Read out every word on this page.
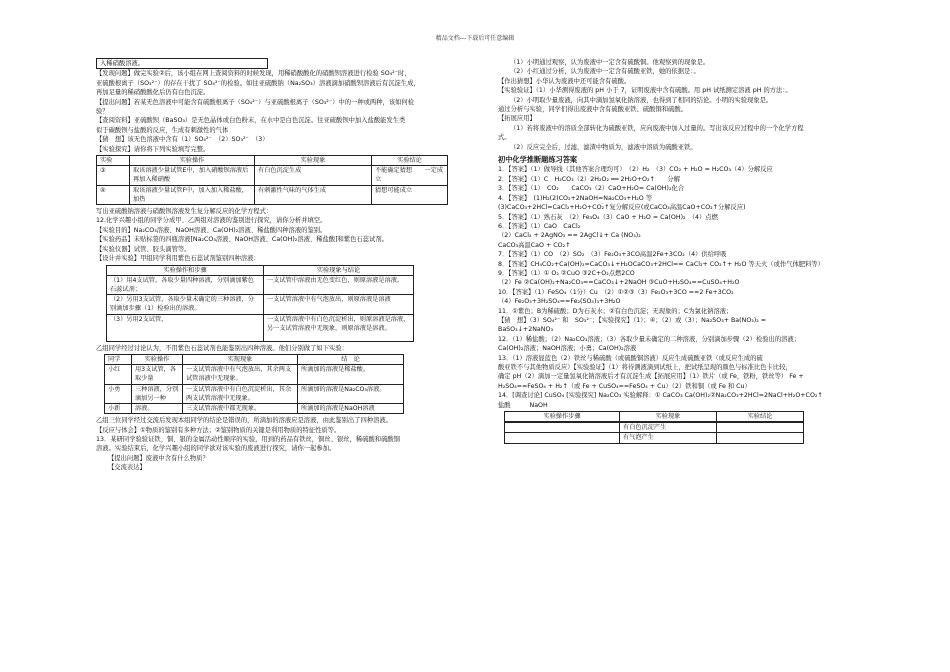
精品文档---下载后可任意编辑
入稀硝酸溶液。
【发现问题】做完实验②后，该小组在网上查阅资料的时候发现，用稀硝酸酸化的硝酸钡溶液进行检验 SO₄²⁻时，
亚硫酸根离子（SO₃²⁻）的存在干扰了 SO₄²⁻的检验。如往亚硫酸钠（Na₂SO₃）溶液滴加硝酸钡溶液后有沉淀生成，
再加足量的稀硝酸酸化后仍有白色沉淀。
【提出问题】若某无色溶液中可能含有硫酸根离子（SO₄²⁻）与亚硫酸根离子（SO₃²⁻）中的一种或两种，该如何检
验？
【查阅资料】亚硫酸钡（BaSO₃）是无色晶体或白色粉末，在水中是白色沉淀。往亚硫酸钡中加入盐酸能发生类
似于碳酸钡与盐酸的反应，生成有刺激性的气体
【猜　想】该无色溶液中含有（1）SO₄²⁻　（2）SO₃²⁻　（3）
【实验探究】请你将下列实验填写完整。
实验	实验操作	实验现象	实验结论
③	取该溶液少量试管E中，加入硝酸钡溶液后再加入稀硝酸	有白色沉淀生成	不能确定猜想　　一定成立
④	取该溶液少量试管F中，加入加入稀盐酸，加热	有刺激性气味的气体生成	猜想可能成立
写出亚硫酸钠溶液与硝酸钡溶液发生复分解反应的化学方程式：
12.化学兴趣小组的同学分成甲、乙两组对溶液的鉴别进行探究，请你分析并填空。
【实验目的】Na₂CO₃溶液、NaOH溶液、Ca(OH)₂溶液、稀盐酸四种溶液的鉴别。
【实验药品】未贴标签的四瓶溶液[Na₂CO₃溶液、NaOH溶液、Ca(OH)₂溶液、稀盐酸]和紫色石蕊试剂。
【实验仪器】试管、胶头滴管等。
【设计并实验】甲组同学利用紫色石蕊试剂鉴别四种溶液：
实验操作和步骤	实验现象与结论
（1）用4支试管，各取少量四种溶液，分别滴加紫色石蕊试剂；	一支试管中溶液由无色变红色，则原溶液是溶液。
（2）另用3支试管，各取少量未确定的三种溶液，分别滴加步骤（1）检验出的溶液。	一支试管溶液中有气泡放出，则原溶液是溶液
（3）另用2支试管，	一支试管溶液中有白色沉淀析出，则原溶液是溶液，另一支试管溶液中无现象，则原溶液是溶液。
乙组同学经过讨论认为，不用紫色石蕊试剂也能鉴别出四种溶液。他们分别做了如下实验：
同学	实验操作	实现现象	结　论
小红	用3支试管，各取少量	一支试管溶液中有气泡放出，其余两支试管溶液中无现象。	所滴加的溶液是稀盐酸。
小勇	三种溶液，分别滴加另一种	一支试管溶液中有白色沉淀析出，其余两支试管溶液中无现象。	所滴加的溶液是Na₂CO₃溶液。
小新	溶液。	三支试管溶液中都无现象。	所滴加的溶液是NaOH溶液
乙组三位同学经过交流后发现本组同学的结论是错误的，所滴加的溶液应是溶液，由此鉴别出了四种溶液。
【反应与体会】①物质的鉴别有多种方法；②鉴别物质的关键是利用物质的特征性质等。
13．某研同学验验证铁、铜、银的金属活动性顺序的实验，用到的药品有铁丝，铜丝、银丝，稀硫酸和硫酸铜
溶液。实验结束后，化学兴趣小组的同学欲对该实验的废液进行探究，请你一起参加。
【提出问题】废液中含有什么物质？
【交流表达】
（1）小明通过观察，认为废液中一定含有硫酸铜。他观察到的现象是。
（2）小红通过分析，认为废液中一定含有硫酸亚铁，她的依据是：。
【作出猜想】小华认为废液中还可能含有硫酸。
【实验验证】（1）小华测得废液的 pH 小于 7，证明废液中含有硫酸。用 pH 试纸测定溶液 pH 的方法：。
（2）小明取少量废液，向其中滴加氢氧化钠溶液，也得到了相同的结论。小明的实验现象是。
通过分析与实验，同学们得出废液中含有硫酸亚铁、硫酸铜和硫酸。
【拓展应用】
（1）若将废液中的溶质全部转化为硫酸亚铁，应向废液中加入过量的。写出该反应过程中的一个化学方程
式。
（2）反应完全后，过滤，滤渣中物质为，滤液中溶质为硫酸亚铁。
初中化学推断题练习答案
1．【答案】（1）做导线（其他答案合理均可）　（2）H₂　（3）CO₂ + H₂O = H₂CO₃（4）分解反应
2．【答案】（1）C　H₂CO₃（2）2H₂O₂ ══ 2H₂O+O₂↑　　分解
3．【答案】（1）　CO₂　　CaCO₃（2）CaO+H₂O= Ca(OH)₂化合
4．【答案】　(1)H₂(2)CO₂+2NaOH=Na₂CO₃+H₂O 等
(3)CaCO₃+2HCl=CaCl₂+H₂O+CO₂↑复分解反应(或CaCO₃高温CaO+CO₂↑分解反应)
5．【答案】（1）熟石灰　（2）Fe₃O₄（3）CaO + H₂O = Ca(OH)₂　（4）点燃
6．【答案】（1）CaO　CaCl₂
（2）CaCl₂ + 2AgNO₃ == 2AgCl↓+ Ca (NO₃)₂
CaCO₃高温CaO + CO₂↑
7．【答案】（1）CO　（2）SO₂　（3）Fe₂O₃+3CO高温2Fe+3CO₂（4）供给呼吸
8．【答案】CH₄CO₂+Ca(OH)₂=CaCO₃↓+H₂OCaCO₃+2HCl== CaCl₂+ CO₂↑+ H₂O 等天火（或作气体肥料等）
9．【答案】（1）① O₂ ②CuO ③2C+O₂点燃2CO
（2）Fe ②Ca(OH)₂+Na₂CO₃==CaCO₃↓+2NaOH ③CuO+H₂SO₄==CuSO₄+H₂O
10．【答案】（1）FeSO₄（1分）Cu　（2）①②③（3）Fe₂O₃+3CO ==2 Fe+3CO₂
（4）Fe₂O₃+3H₂SO₄==Fe₂(SO₄)₃+3H₂O
11．①紫色；B为稀硫酸；D为石灰水；②有白色沉淀；无现象的；C为氯化钠溶液；
【猜　想】（3）SO₄²⁻ 和　SO₃²⁻；【实验探究】（1）；④；（2）或（3）；Na₂SO₃+ Ba(NO₃)₂ =
BaSO₃↓+2NaNO₃
12．（1）稀盐酸；（2）Na₂CO₃溶液；（3）各取少量未确定的二种溶液，分别滴加步骤（2）检验出的溶液；
Ca(OH)₂溶液；NaOH溶液；小勇；Ca(OH)₂溶液
13．（1）溶液显蓝色（2）铁丝与稀硫酸（或硫酸铜溶液）反应生成硫酸亚铁（或反应生成的硫
酸亚铁不与其他物质反应）【实验验证】（1）将待测液滴到试纸上，把试纸呈现的颜色与标准比色卡比较，
确定 pH（2）滴加一定量氢氧化钠溶液后才有沉淀生成【拓展应用】（1）铁片（或 Fe，铁粉，铁丝等） Fe +
H₂SO₄==FeSO₄ + H₂↑（或 Fe + CuSO₄==FeSO₄ + Cu）（2）铁和铜（或 Fe 和 Cu）
14．[调查讨论] CuSO₄ [实验探究] Na₂CO₃ 实验解释：① CaCO₃ Ca(OH)₂②Na₂CO₃+2HCl=2NaCl+H₂O+CO₂↑
盐酸　　　NaOH
实验操作步骤	实验现象	实验结论

	有白色沉淀产生	
	有气泡产生	
